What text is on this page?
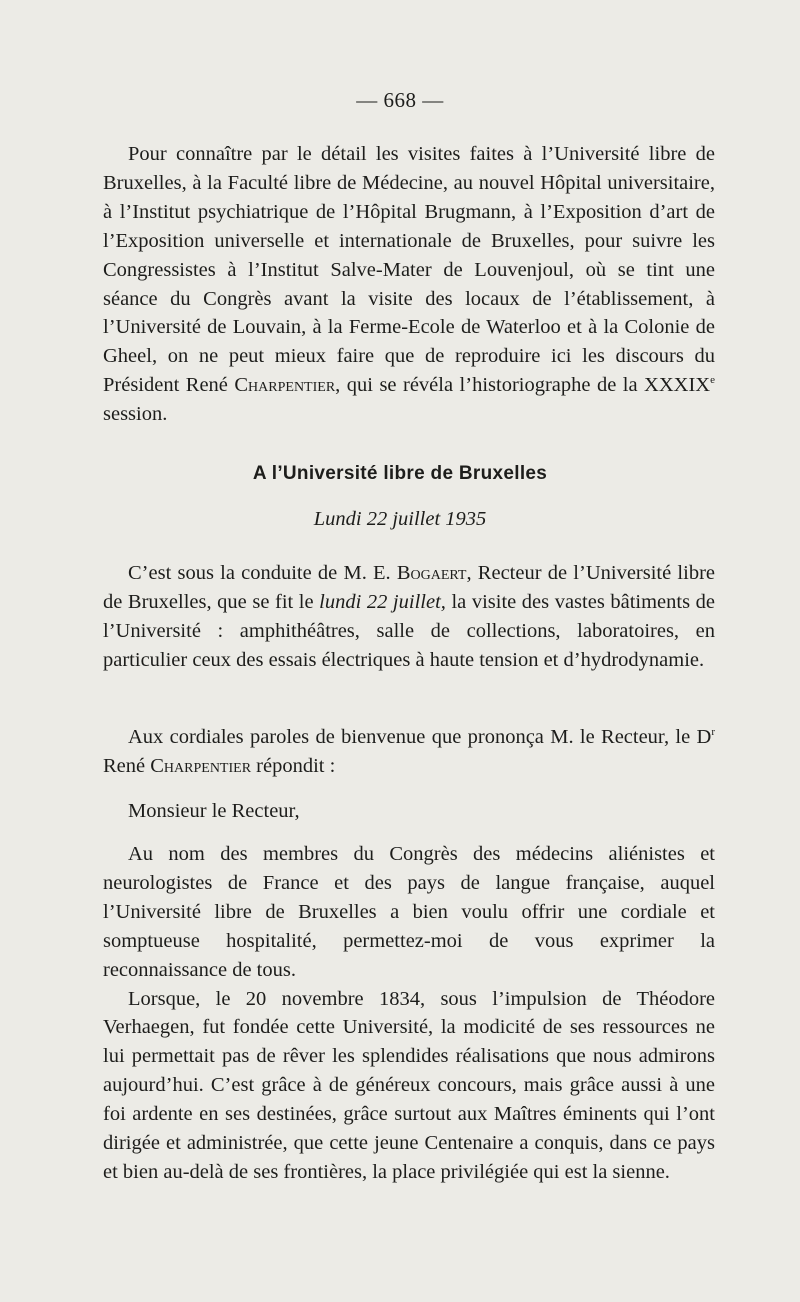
— 668 —

Pour connaître par le détail les visites faites à l’Université libre de Bruxelles, à la Faculté libre de Médecine, au nouvel Hôpital universitaire, à l’Institut psychiatrique de l’Hôpital Brugmann, à l’Exposition d’art de l’Exposition universelle et internationale de Bruxelles, pour suivre les Congressistes à l’Institut Salve-Mater de Louvenjoul, où se tint une séance du Congrès avant la visite des locaux de l’établissement, à l’Université de Louvain, à la Ferme-Ecole de Waterloo et à la Colonie de Gheel, on ne peut mieux faire que de reproduire ici les discours du Président René Charpentier, qui se révéla l’historiographe de la XXXIXe session.

A l’Université libre de Bruxelles
Lundi 22 juillet 1935

C’est sous la conduite de M. E. Bogaert, Recteur de l’Université libre de Bruxelles, que se fit le lundi 22 juillet, la visite des vastes bâtiments de l’Université : amphithéâtres, salle de collections, laboratoires, en particulier ceux des essais électriques à haute tension et d’hydrodynamie.

Aux cordiales paroles de bienvenue que prononça M. le Recteur, le $D^r$ René Charpentier répondit :

Monsieur le Recteur,

Au nom des membres du Congrès des médecins aliénistes et neurologistes de France et des pays de langue française, auquel l’Université libre de Bruxelles a bien voulu offrir une cordiale et somptueuse hospitalité, permettez-moi de vous exprimer la reconnaissance de tous.

Lorsque, le 20 novembre 1834, sous l’impulsion de Théodore Verhaegen, fut fondée cette Université, la modicité de ses ressources ne lui permettait pas de rêver les splendides réalisations que nous admirons aujourd’hui. C’est grâce à de généreux concours, mais grâce aussi à une foi ardente en ses destinées, grâce surtout aux Maîtres éminents qui l’ont dirigée et administrée, que cette jeune Centenaire a conquis, dans ce pays et bien au-delà de ses frontières, la place privilégiée qui est la sienne.
